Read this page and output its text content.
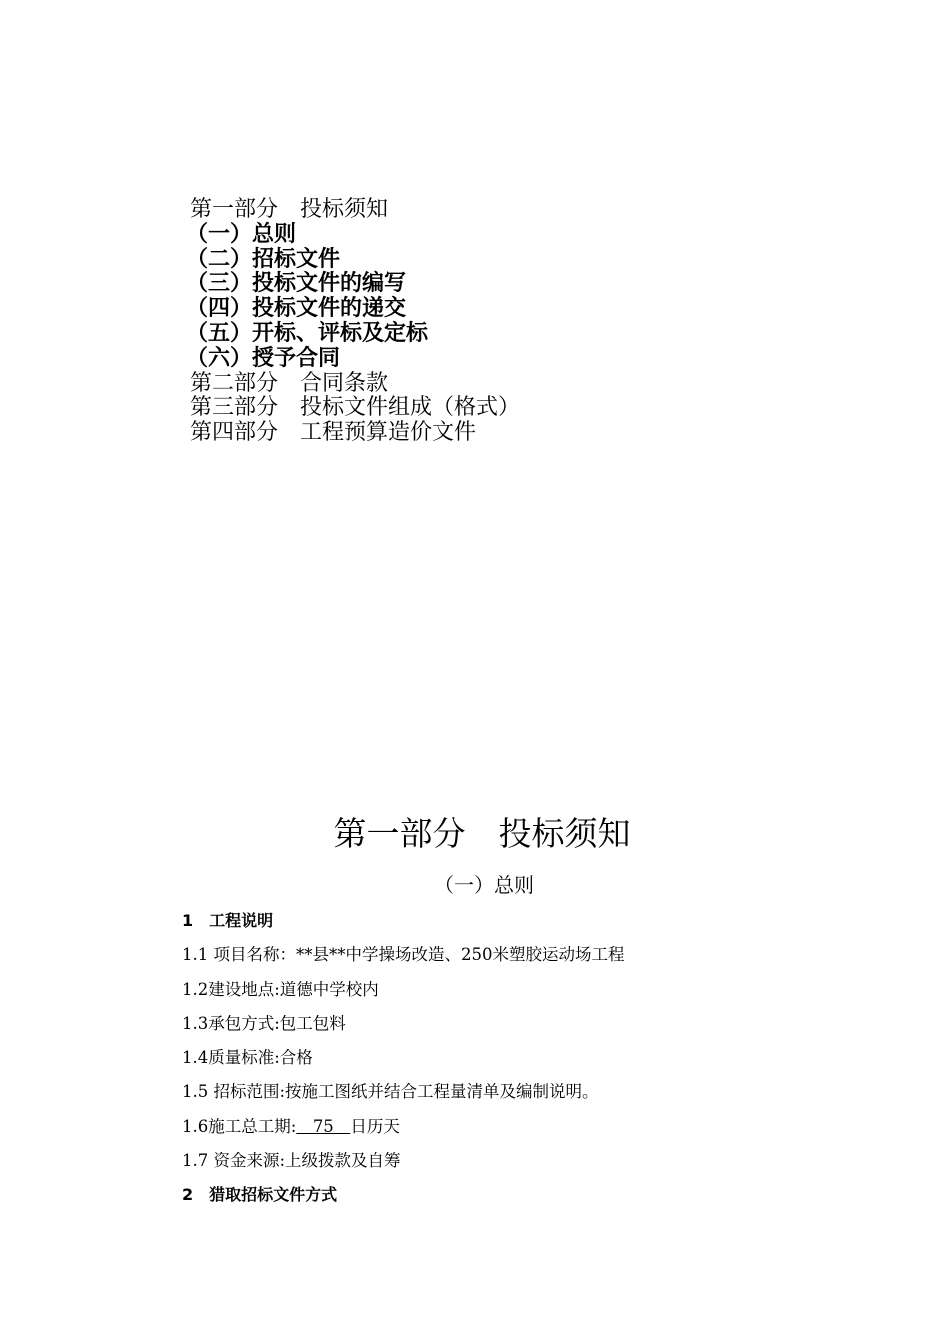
第一部分　投标须知
（一）总则
（二）招标文件
（三）投标文件的编写
（四）投标文件的递交
（五）开标、评标及定标
（六）授予合同
第二部分　合同条款
第三部分　投标文件组成（格式）
第四部分　工程预算造价文件
第一部分　投标须知
（一）总则
1　工程说明
1.1 项目名称：**县**中学操场改造、250米塑胶运动场工程
1.2建设地点:道德中学校内
1.3承包方式:包工包料
1.4质量标准:合格
1.5 招标范围:按施工图纸并结合工程量清单及编制说明。
1.6施工总工期:　75　日历天
1.7 资金来源:上级拨款及自筹
2　猎取招标文件方式
